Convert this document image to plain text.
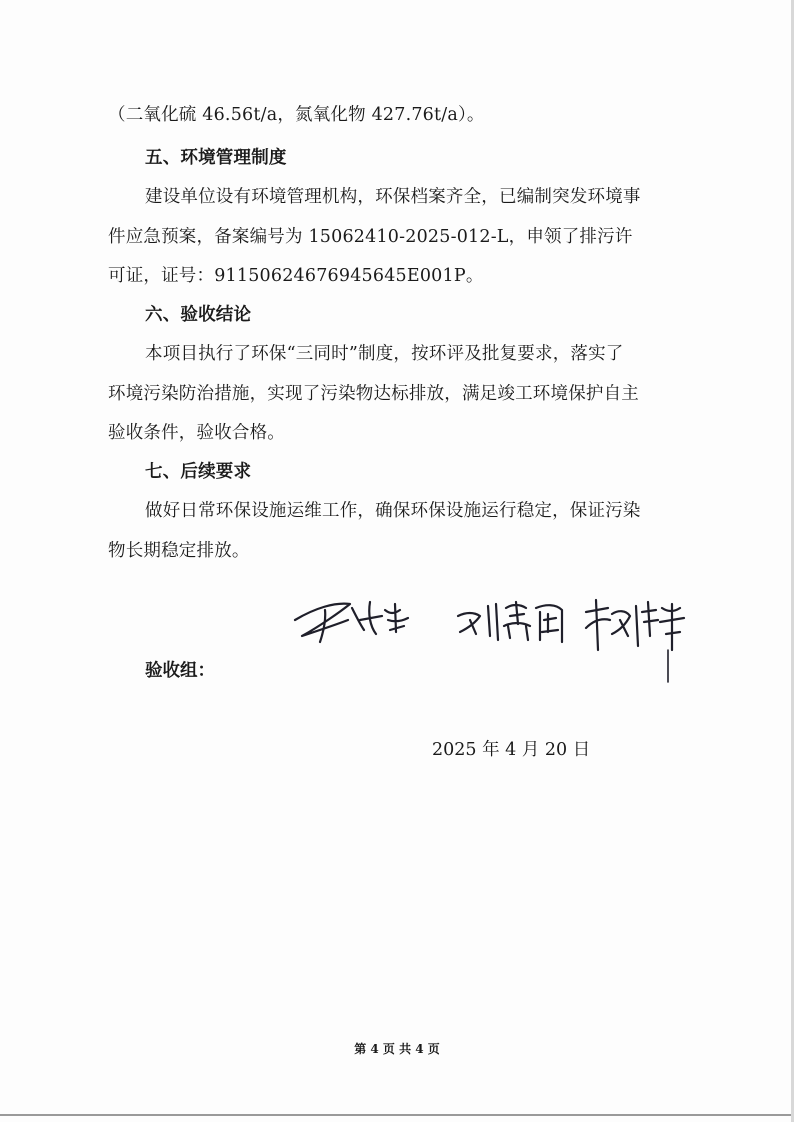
（二氧化硫 46.56t/a，氮氧化物 427.76t/a）。
五、环境管理制度
建设单位设有环境管理机构，环保档案齐全，已编制突发环境事
件应急预案，备案编号为 15062410-2025-012-L，申领了排污许
可证，证号：91150624676945645E001P。
六、验收结论
本项目执行了环保“三同时”制度，按环评及批复要求，落实了
环境污染防治措施，实现了污染物达标排放，满足竣工环境保护自主
验收条件，验收合格。
七、后续要求
做好日常环保设施运维工作，确保环保设施运行稳定，保证污染
物长期稳定排放。
验收组：
2025 年 4 月 20 日
第 4 页 共 4 页
